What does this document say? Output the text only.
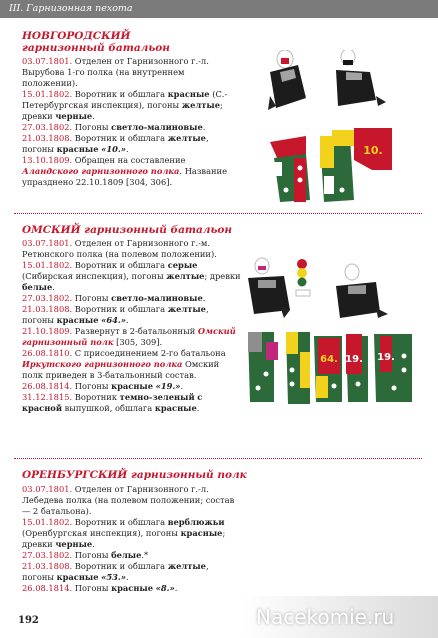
III. Гарнизонная пехота
НОВГОРОДСКИЙ
гарнизонный батальон

03.07.1801. Отделен от Гарнизонного г.-л. Вырубова 1-го полка (на внутреннем положении).

15.01.1802. Воротник и обшлага красные (С.-Петербургская инспекция), погоны желтые; древки черные.

27.03.1802. Погоны светло-малиновые.

21.03.1808. Воротник и обшлага желтые, погоны красные «10.».

13.10.1809. Обращен на составление Аландского гарнизонного полка. Название упразднено 22.10.1809 [304, 306].

ОМСКИЙ гарнизонный батальон

03.07.1801. Отделен от Гарнизонного г.-м. Ретюнского полка (на полевом положении).

15.01.1802. Воротник и обшлага серые (Сибирская инспекция), погоны желтые; древки белые.

27.03.1802. Погоны светло-малиновые.

21.03.1808. Воротник и обшлага желтые, погоны красные «64.».

21.10.1809. Развернут в 2-батальонный Омский гарнизонный полк [305, 309].

26.08.1810. С присоединением 2-го батальона Иркутского гарнизонного полка Омский полк приведен в 3-батальонный состав.

26.08.1814. Погоны красные «19.».

31.12.1815. Воротник темно-зеленый с красной выпушкой, обшлага красные.

ОРЕНБУРГСКИЙ гарнизонный полк

03.07.1801. Отделен от Гарнизонного г.-л. Лебедева полка (на полевом положении; состав — 2 батальона).

15.01.1802. Воротник и обшлага верблюжьи (Оренбургская инспекция), погоны красные; древки черные.

27.03.1802. Погоны белые.*

21.03.1808. Воротник и обшлага желтые, погоны красные «53.».

26.08.1814. Погоны красные «8.».

10.
64. 19. 19.
Nacekomie.ru
192
